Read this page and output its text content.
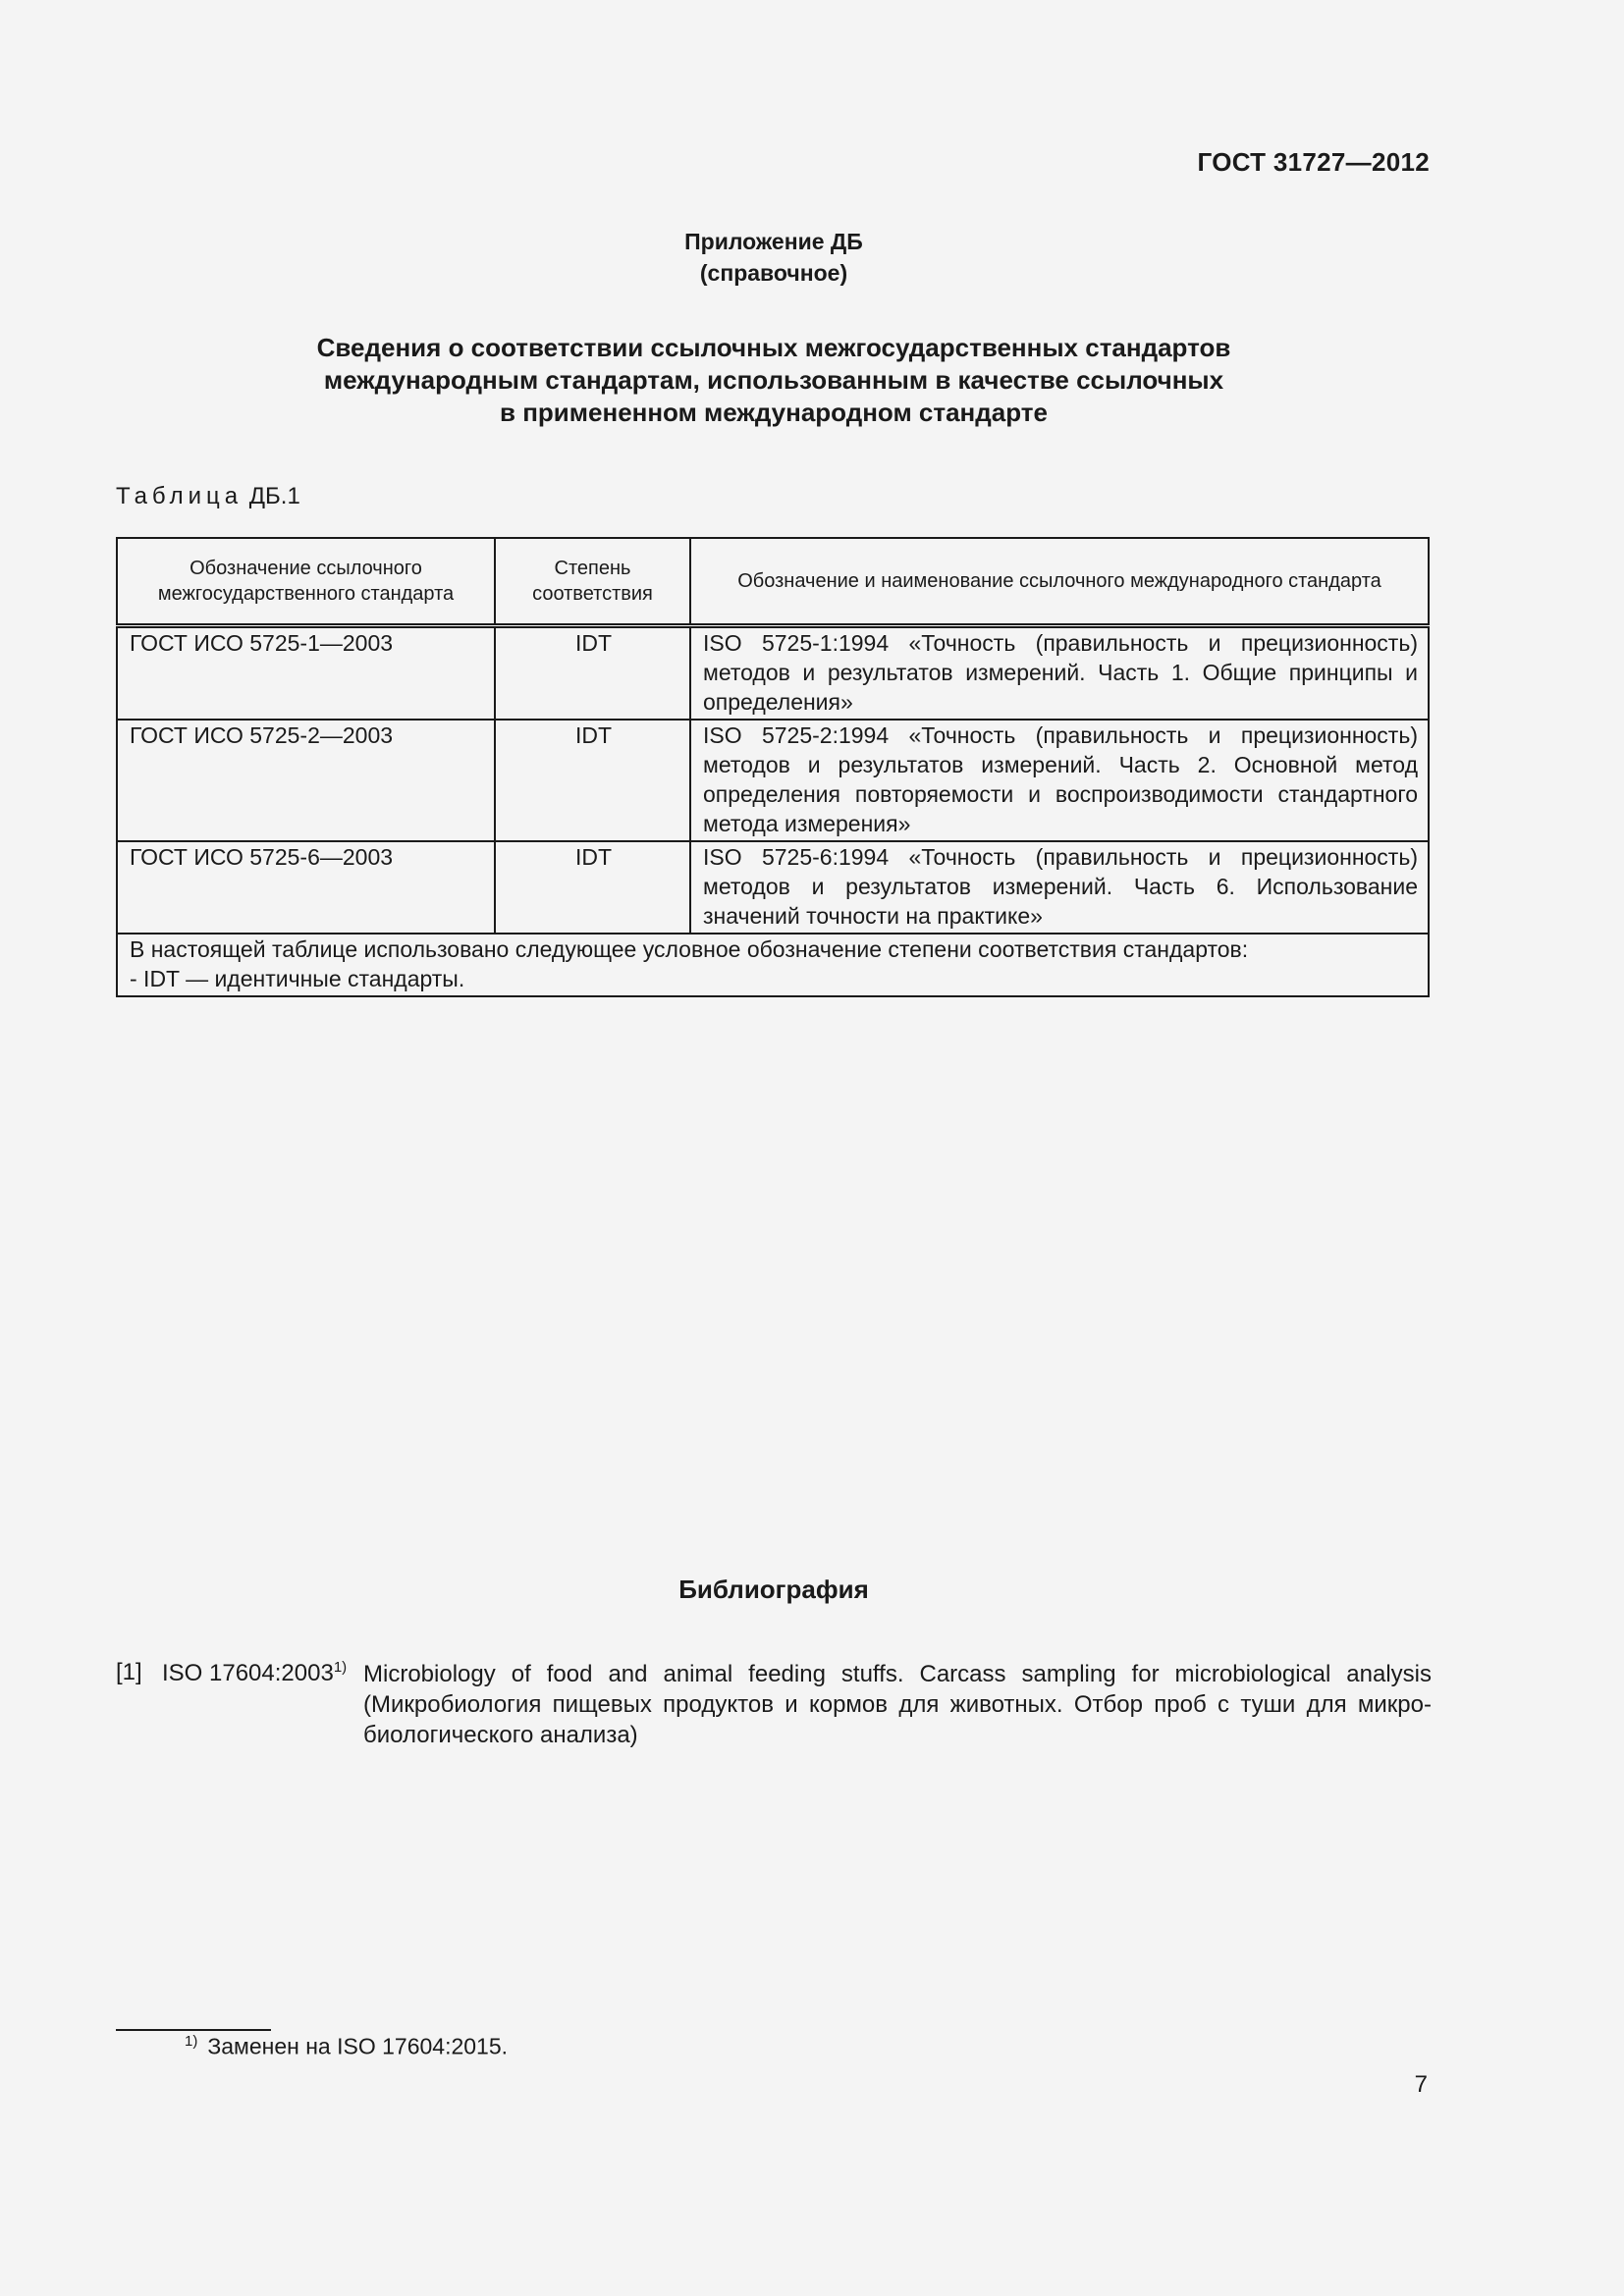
ГОСТ 31727—2012
Приложение ДБ
(справочное)
Сведения о соответствии ссылочных межгосударственных стандартов
международным стандартам, использованным в качестве ссылочных
в примененном международном стандарте
Таблица ДБ.1
Обозначение ссылочного межгосударственного стандарта	Степень соответствия	Обозначение и наименование ссылочного международного стандарта
ГОСТ ИСО 5725-1—2003	IDT	ISO 5725-1:1994 «Точность (правильность и прецизионность) методов и результатов измерений. Часть 1. Общие принципы и определения»
ГОСТ ИСО 5725-2—2003	IDT	ISO 5725-2:1994 «Точность (правильность и прецизионность) методов и результатов измерений. Часть 2. Основной метод определения повторяемости и воспроизводимости стандартного метода измерения»
ГОСТ ИСО 5725-6—2003	IDT	ISO 5725-6:1994 «Точность (правильность и прецизионность) методов и результатов измерений. Часть 6. Использование значений точности на практике»

В настоящей таблице использовано следующее условное обозначение степени соответствия стандартов:
- IDT — идентичные стандарты.		
Библиография
[1] ISO 17604:2003$^{1)}$ Microbiology of food and animal feeding stuffs. Carcass sampling for microbiological analysis (Микробиология пищевых продуктов и кормов для животных. Отбор проб с туши для микробиологического анализа)
$^{1)}$ Заменен на ISO 17604:2015.
7
